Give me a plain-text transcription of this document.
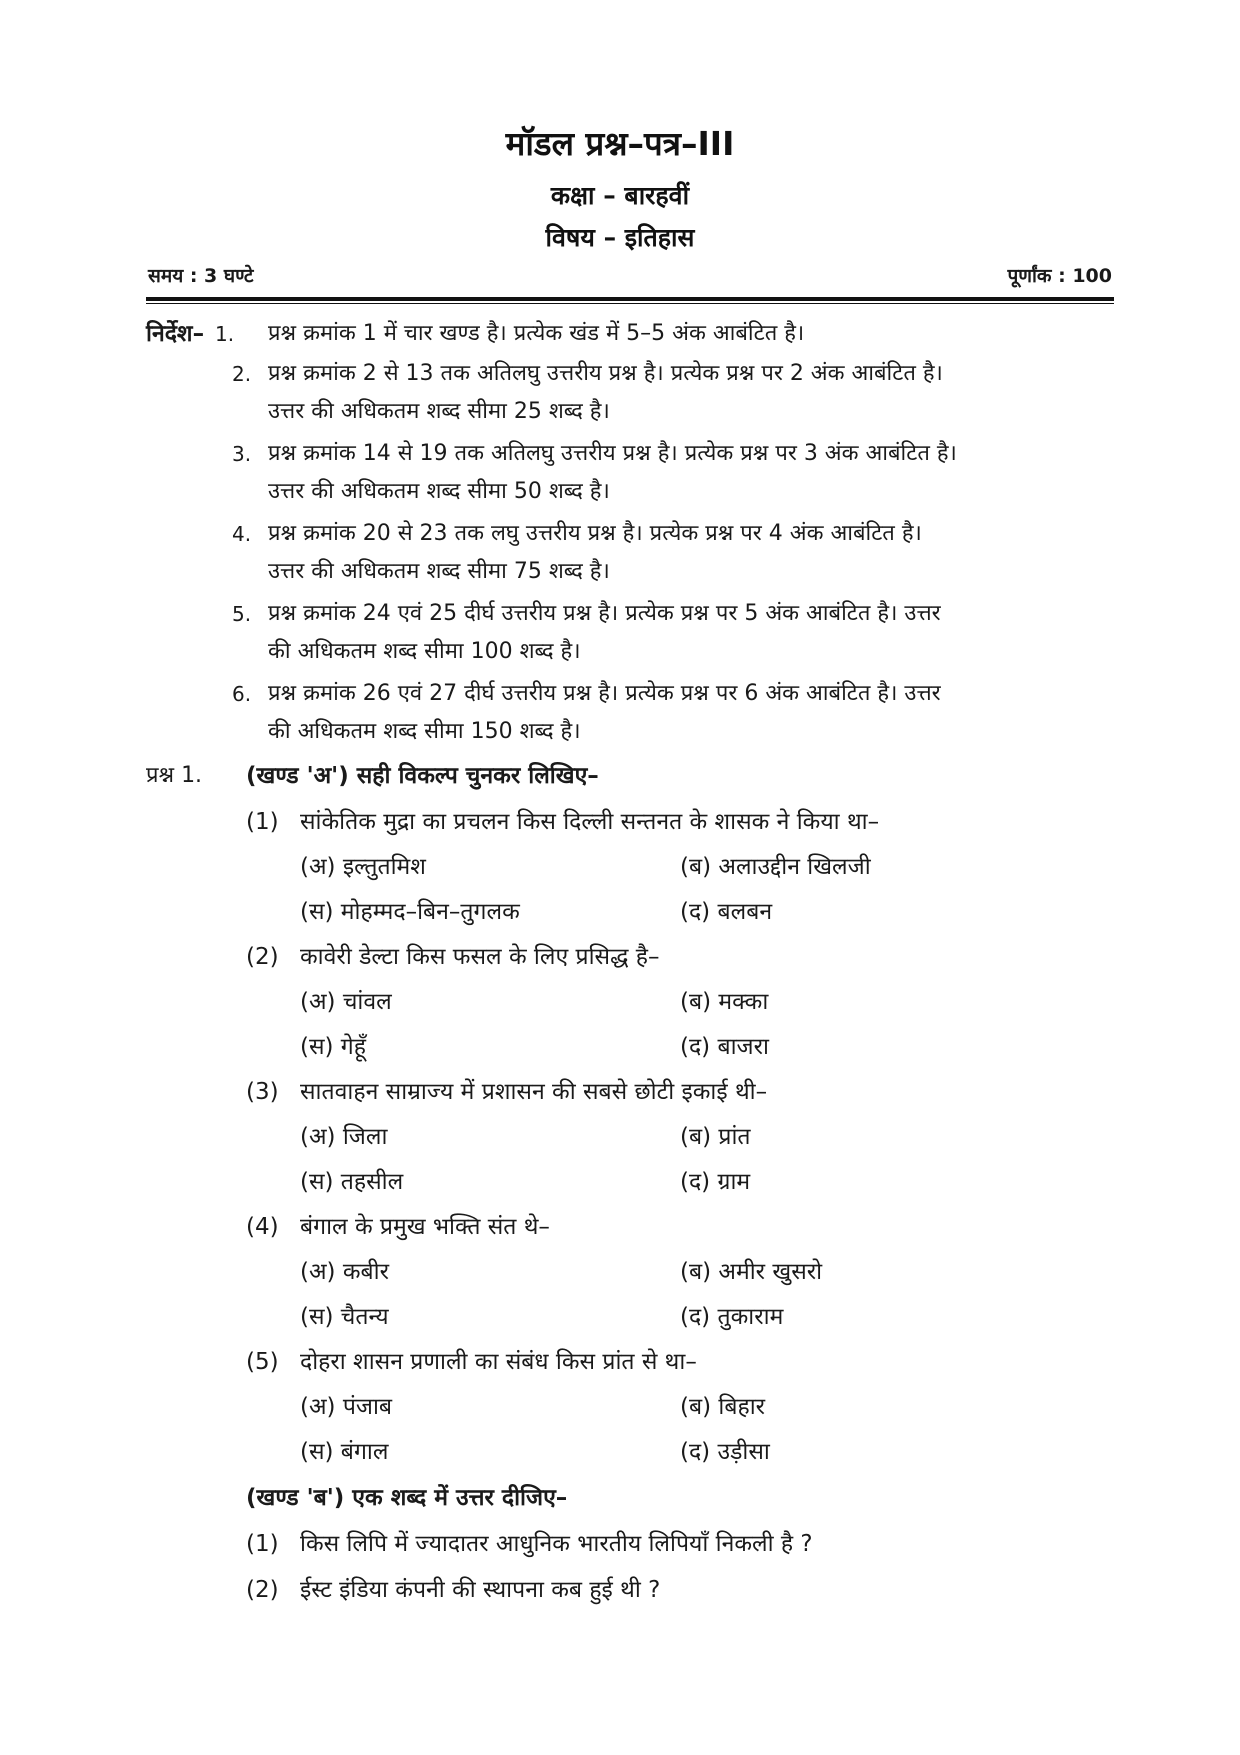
मॉडल प्रश्न–पत्र–III
कक्षा – बारहवीं
विषय – इतिहास
समय : 3 घण्टे	पूर्णांक : 100
निर्देश– 1. प्रश्न क्रमांक 1 में चार खण्ड है। प्रत्येक खंड में 5–5 अंक आबंटित है।
2. प्रश्न क्रमांक 2 से 13 तक अतिलघु उत्तरीय प्रश्न है। प्रत्येक प्रश्न पर 2 अंक आबंटित है।
उत्तर की अधिकतम शब्द सीमा 25 शब्द है।
3. प्रश्न क्रमांक 14 से 19 तक अतिलघु उत्तरीय प्रश्न है। प्रत्येक प्रश्न पर 3 अंक आबंटित है।
उत्तर की अधिकतम शब्द सीमा 50 शब्द है।
4. प्रश्न क्रमांक 20 से 23 तक लघु उत्तरीय प्रश्न है। प्रत्येक प्रश्न पर 4 अंक आबंटित है।
उत्तर की अधिकतम शब्द सीमा 75 शब्द है।
5. प्रश्न क्रमांक 24 एवं 25 दीर्घ उत्तरीय प्रश्न है। प्रत्येक प्रश्न पर 5 अंक आबंटित है। उत्तर
की अधिकतम शब्द सीमा 100 शब्द है।
6. प्रश्न क्रमांक 26 एवं 27 दीर्घ उत्तरीय प्रश्न है। प्रत्येक प्रश्न पर 6 अंक आबंटित है। उत्तर
की अधिकतम शब्द सीमा 150 शब्द है।
प्रश्न 1. (खण्ड 'अ') सही विकल्प चुनकर लिखिए–
(1) सांकेतिक मुद्रा का प्रचलन किस दिल्ली सन्तनत के शासक ने किया था–
(अ) इल्तुतमिश	(ब) अलाउद्दीन खिलजी
(स) मोहम्मद–बिन–तुगलक	(द) बलबन
(2) कावेरी डेल्टा किस फसल के लिए प्रसिद्ध है–
(अ) चांवल	(ब) मक्का
(स) गेहूँ	(द) बाजरा
(3) सातवाहन साम्राज्य में प्रशासन की सबसे छोटी इकाई थी–
(अ) जिला	(ब) प्रांत
(स) तहसील	(द) ग्राम
(4) बंगाल के प्रमुख भक्ति संत थे–
(अ) कबीर	(ब) अमीर खुसरो
(स) चैतन्य	(द) तुकाराम
(5) दोहरा शासन प्रणाली का संबंध किस प्रांत से था–
(अ) पंजाब	(ब) बिहार
(स) बंगाल	(द) उड़ीसा
(खण्ड 'ब') एक शब्द में उत्तर दीजिए–
(1) किस लिपि में ज्यादातर आधुनिक भारतीय लिपियाँ निकली है ?
(2) ईस्ट इंडिया कंपनी की स्थापना कब हुई थी ?
